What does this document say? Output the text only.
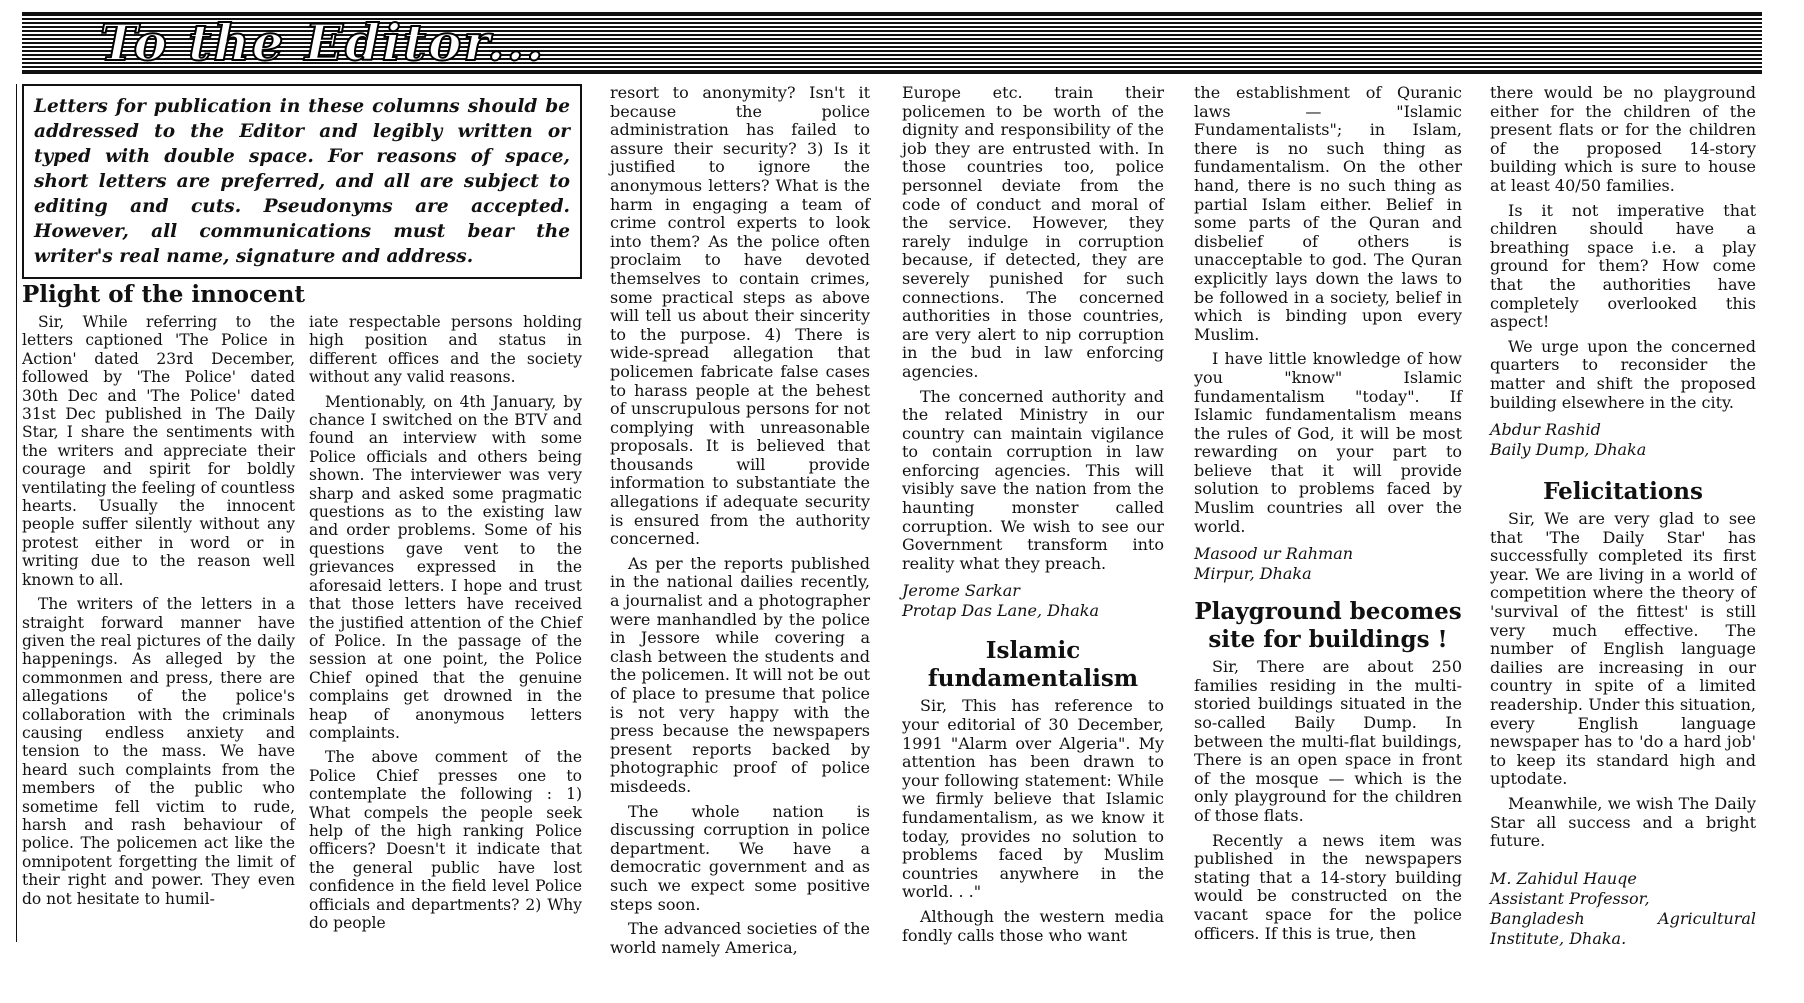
To the Editor...
Letters for publication in these columns should be addressed to the Editor and legibly written or typed with double space. For reasons of space, short letters are preferred, and all are subject to editing and cuts. Pseudonyms are accepted. However, all communications must bear the writer's real name, signature and address.
Plight of the innocent

Sir, While referring to the letters captioned 'The Police in Action' dated 23rd December, followed by 'The Police' dated 30th Dec and 'The Police' dated 31st Dec published in The Daily Star, I share the sentiments with the writers and appreciate their courage and spirit for boldly ventilating the feeling of countless hearts. Usually the innocent people suffer silently without any protest either in word or in writing due to the reason well known to all.

The writers of the letters in a straight forward manner have given the real pictures of the daily happenings. As alleged by the commonmen and press, there are allegations of the police's collaboration with the criminals causing endless anxiety and tension to the mass. We have heard such complaints from the members of the public who sometime fell victim to rude, harsh and rash behaviour of police. The policemen act like the omnipotent forgetting the limit of their right and power. They even do not hesitate to humil-

iate respectable persons holding high position and status in different offices and the society without any valid reasons.

Mentionably, on 4th January, by chance I switched on the BTV and found an interview with some Police officials and others being shown. The interviewer was very sharp and asked some pragmatic questions as to the existing law and order problems. Some of his questions gave vent to the grievances expressed in the aforesaid letters. I hope and trust that those letters have received the justified attention of the Chief of Police. In the passage of the session at one point, the Police Chief opined that the genuine complains get drowned in the heap of anonymous letters complaints.

The above comment of the Police Chief presses one to contemplate the following : 1) What compels the people seek help of the high ranking Police officers? Doesn't it indicate that the general public have lost confidence in the field level Police officials and departments? 2) Why do people

resort to anonymity? Isn't it because the police administration has failed to assure their security? 3) Is it justified to ignore the anonymous letters? What is the harm in engaging a team of crime control experts to look into them? As the police often proclaim to have devoted themselves to contain crimes, some practical steps as above will tell us about their sincerity to the purpose. 4) There is wide-spread allegation that policemen fabricate false cases to harass people at the behest of unscrupulous persons for not complying with unreasonable proposals. It is believed that thousands will provide information to substantiate the allegations if adequate security is ensured from the authority concerned.

As per the reports published in the national dailies recently, a journalist and a photographer were manhandled by the police in Jessore while covering a clash between the students and the policemen. It will not be out of place to presume that police is not very happy with the press because the newspapers present reports backed by photographic proof of police misdeeds.

The whole nation is discussing corruption in police department. We have a democratic government and as such we expect some positive steps soon.

The advanced societies of the world namely America,

Europe etc. train their policemen to be worth of the dignity and responsibility of the job they are entrusted with. In those countries too, police personnel deviate from the code of conduct and moral of the service. However, they rarely indulge in corruption because, if detected, they are severely punished for such connections. The concerned authorities in those countries, are very alert to nip corruption in the bud in law enforcing agencies.

The concerned authority and the related Ministry in our country can maintain vigilance to contain corruption in law enforcing agencies. This will visibly save the nation from the haunting monster called corruption. We wish to see our Government transform into reality what they preach.

Jerome Sarkar

Protap Das Lane, Dhaka

Islamic fundamentalism

Sir, This has reference to your editorial of 30 December, 1991 "Alarm over Algeria". My attention has been drawn to your following statement: While we firmly believe that Islamic fundamentalism, as we know it today, provides no solution to problems faced by Muslim countries anywhere in the world. . ."

Although the western media fondly calls those who want

the establishment of Quranic laws — "Islamic Fundamentalists"; in Islam, there is no such thing as fundamentalism. On the other hand, there is no such thing as partial Islam either. Belief in some parts of the Quran and disbelief of others is unacceptable to god. The Quran explicitly lays down the laws to be followed in a society, belief in which is binding upon every Muslim.

I have little knowledge of how you "know" Islamic fundamentalism "today". If Islamic fundamentalism means the rules of God, it will be most rewarding on your part to believe that it will provide solution to problems faced by Muslim countries all over the world.

Masood ur Rahman

Mirpur, Dhaka

Playground becomes site for buildings !

Sir, There are about 250 families residing in the multi-storied buildings situated in the so-called Baily Dump. In between the multi-flat buildings, There is an open space in front of the mosque — which is the only playground for the children of those flats.

Recently a news item was published in the newspapers stating that a 14-story building would be constructed on the vacant space for the police officers. If this is true, then

there would be no playground either for the children of the present flats or for the children of the proposed 14-story building which is sure to house at least 40/50 families.

Is it not imperative that children should have a breathing space i.e. a play ground for them? How come that the authorities have completely overlooked this aspect!

We urge upon the concerned quarters to reconsider the matter and shift the proposed building elsewhere in the city.

Abdur Rashid

Baily Dump, Dhaka

Felicitations

Sir, We are very glad to see that 'The Daily Star' has successfully completed its first year. We are living in a world of competition where the theory of 'survival of the fittest' is still very much effective. The number of English language dailies are increasing in our country in spite of a limited readership. Under this situation, every English language newspaper has to 'do a hard job' to keep its standard high and uptodate.

Meanwhile, we wish The Daily Star all success and a bright future.

M. Zahidul Hauqe

Assistant Professor,

Bangladesh Agricultural Institute, Dhaka.
